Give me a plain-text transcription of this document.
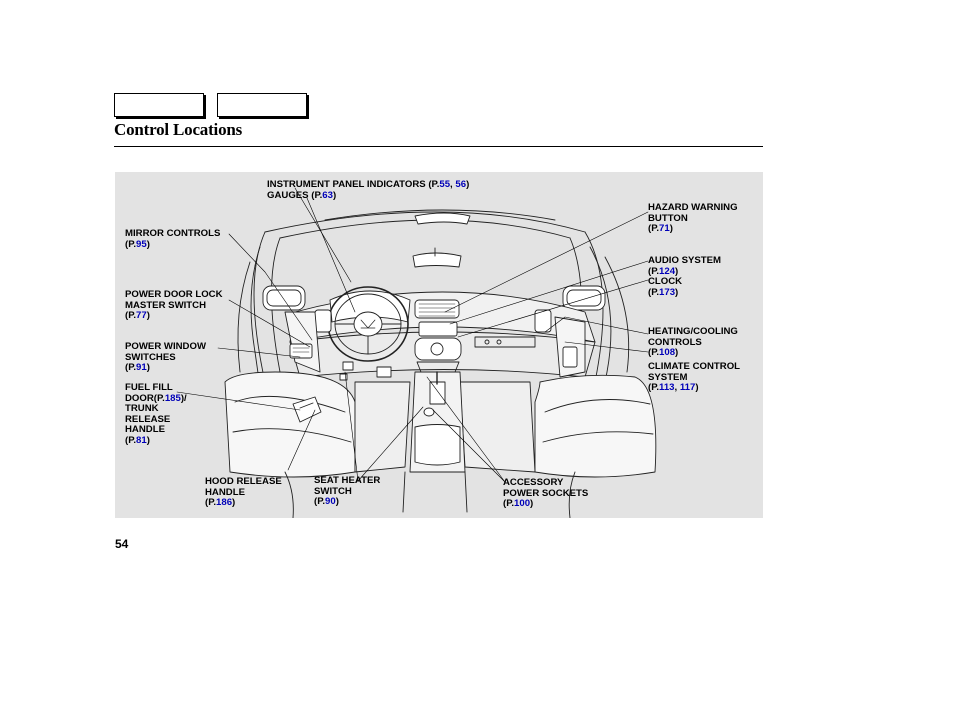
Control Locations
INSTRUMENT PANEL INDICATORS (P.55, 56)
GAUGES (P.63)
HAZARD WARNING
BUTTON
(P.71)
MIRROR CONTROLS
(P.95)
AUDIO SYSTEM
(P.124)
CLOCK
(P.173)
POWER DOOR LOCK
MASTER SWITCH
(P.77)
HEATING/COOLING
CONTROLS
(P.108)
POWER WINDOW
SWITCHES
(P.91)	CLIMATE CONTROL
SYSTEM
(P.113, 117)
FUEL FILL
DOOR(P.185)/
TRUNK
RELEASE
HANDLE
(P.81)
HOOD RELEASE
HANDLE
(P.186)
SEAT HEATER
SWITCH
(P.90)
ACCESSORY
POWER SOCKETS
(P.100)
54
